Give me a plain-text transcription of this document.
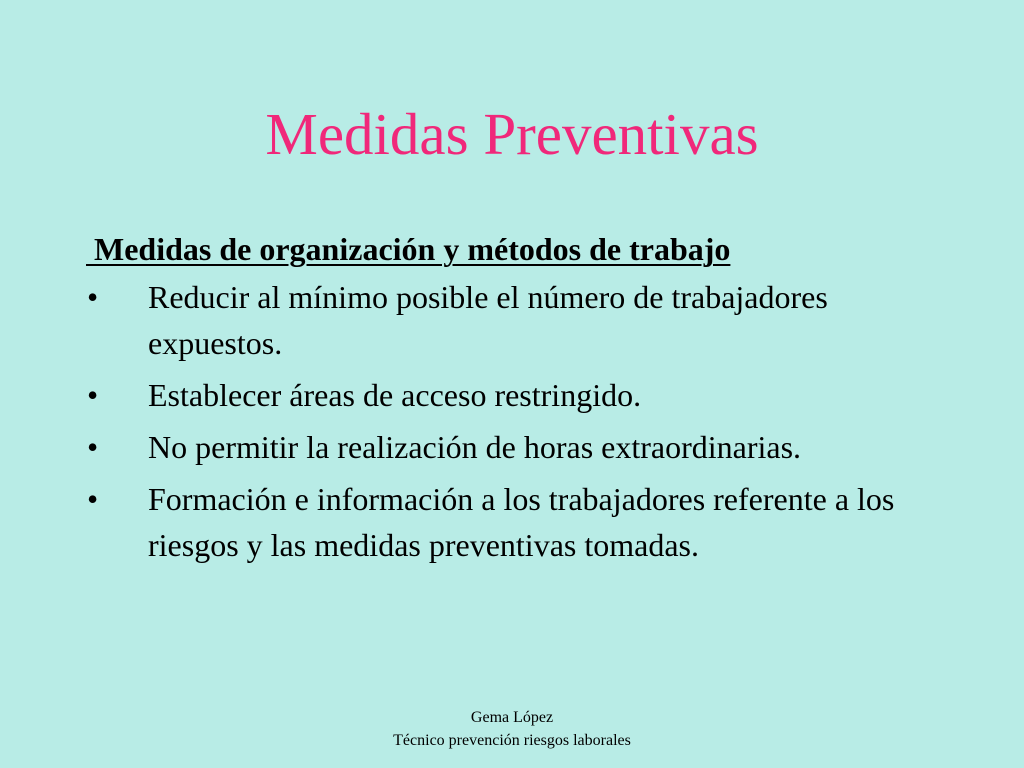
Medidas Preventivas
Medidas de organización y métodos de trabajo
•	Reducir al mínimo posible el número de trabajadores expuestos.
•	Establecer áreas de acceso restringido.
•	No permitir la realización de horas extraordinarias.
•	Formación e información a los trabajadores referente a los riesgos y las medidas preventivas tomadas.
Gema López
Técnico prevención riesgos laborales
